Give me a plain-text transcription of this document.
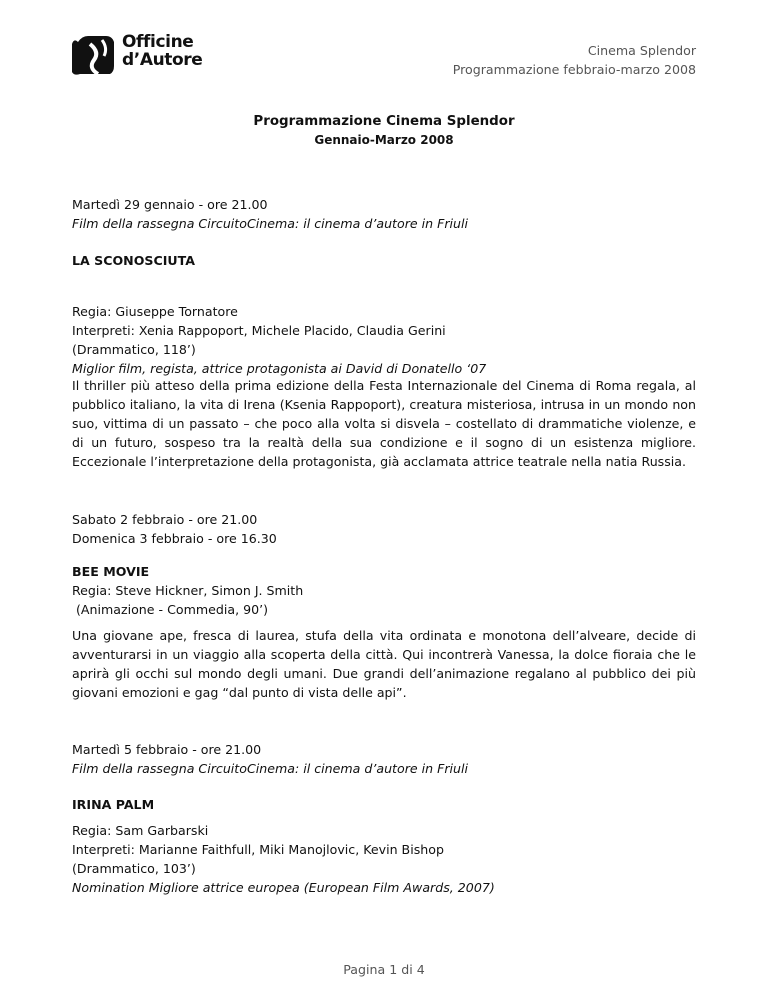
Officine
d’Autore	Cinema Splendor
Programmazione febbraio-marzo 2008
Programmazione Cinema Splendor
Gennaio-Marzo 2008

Martedì 29 gennaio - ore 21.00

Film della rassegna CircuitoCinema: il cinema d’autore in Friuli

LA SCONOSCIUTA

Regia: Giuseppe Tornatore

Interpreti: Xenia Rappoport, Michele Placido, Claudia Gerini

(Drammatico, 118’)

Miglior film, regista, attrice protagonista ai David di Donatello ‘07

Il thriller più atteso della prima edizione della Festa Internazionale del Cinema di Roma regala, al pubblico italiano, la vita di Irena (Ksenia Rappoport), creatura misteriosa, intrusa in un mondo non suo, vittima di un passato – che poco alla volta si disvela – costellato di drammatiche violenze, e di un futuro, sospeso tra la realtà della sua condizione e il sogno di un esistenza migliore. Eccezionale l’interpretazione della protagonista, già acclamata attrice teatrale nella natia Russia.

Sabato 2 febbraio - ore 21.00

Domenica 3 febbraio - ore 16.30

BEE MOVIE

Regia: Steve Hickner, Simon J. Smith

(Animazione - Commedia, 90’)

Una giovane ape, fresca di laurea, stufa della vita ordinata e monotona dell’alveare, decide di avventurarsi in un viaggio alla scoperta della città. Qui incontrerà Vanessa, la dolce fioraia che le aprirà gli occhi sul mondo degli umani. Due grandi dell’animazione regalano al pubblico dei più giovani emozioni e gag “dal punto di vista delle api”.

Martedì 5 febbraio - ore 21.00

Film della rassegna CircuitoCinema: il cinema d’autore in Friuli

IRINA PALM

Regia: Sam Garbarski

Interpreti: Marianne Faithfull, Miki Manojlovic, Kevin Bishop

(Drammatico, 103’)

Nomination Migliore attrice europea (European Film Awards, 2007)

Pagina 1 di 4
